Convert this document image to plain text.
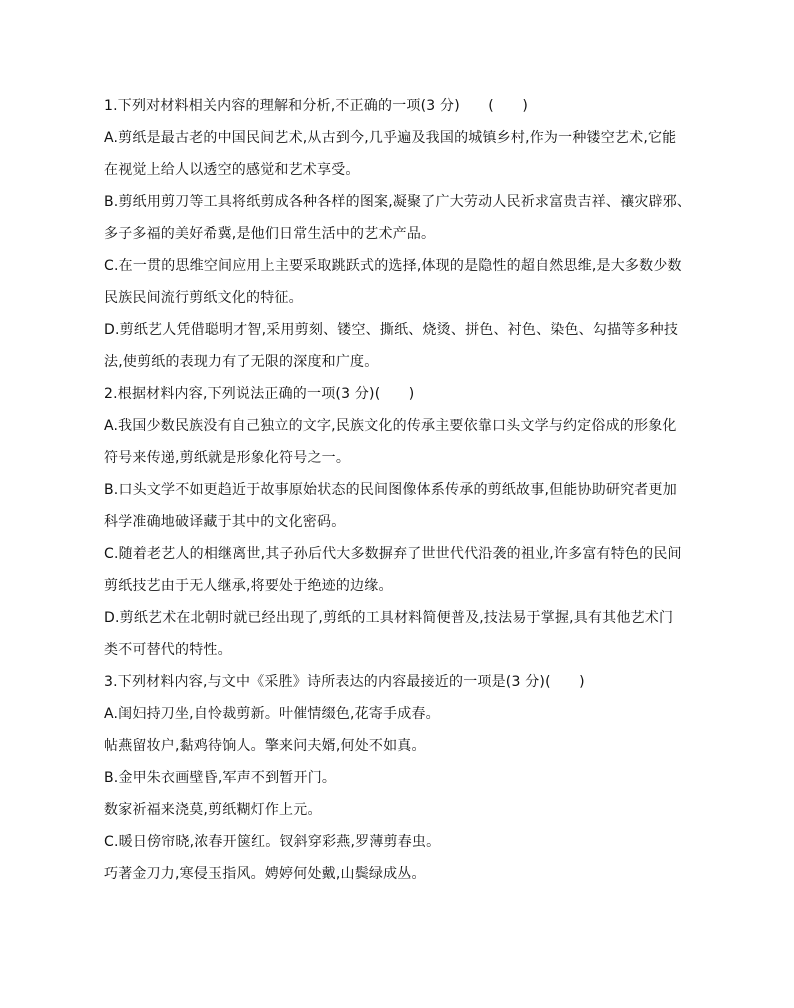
1.下列对材料相关内容的理解和分析,不正确的一项(3 分)　　(　　)
A.剪纸是最古老的中国民间艺术,从古到今,几乎遍及我国的城镇乡村,作为一种镂空艺术,它能
在视觉上给人以透空的感觉和艺术享受。
B.剪纸用剪刀等工具将纸剪成各种各样的图案,凝聚了广大劳动人民祈求富贵吉祥、禳灾辟邪、
多子多福的美好希冀,是他们日常生活中的艺术产品。
C.在一贯的思维空间应用上主要采取跳跃式的选择,体现的是隐性的超自然思维,是大多数少数
民族民间流行剪纸文化的特征。
D.剪纸艺人凭借聪明才智,采用剪刻、镂空、撕纸、烧烫、拼色、衬色、染色、勾描等多种技
法,使剪纸的表现力有了无限的深度和广度。
2.根据材料内容,下列说法正确的一项(3 分)(　　)
A.我国少数民族没有自己独立的文字,民族文化的传承主要依靠口头文学与约定俗成的形象化
符号来传递,剪纸就是形象化符号之一。
B.口头文学不如更趋近于故事原始状态的民间图像体系传承的剪纸故事,但能协助研究者更加
科学准确地破译藏于其中的文化密码。
C.随着老艺人的相继离世,其子孙后代大多数摒弃了世世代代沿袭的祖业,许多富有特色的民间
剪纸技艺由于无人继承,将要处于绝迹的边缘。
D.剪纸艺术在北朝时就已经出现了,剪纸的工具材料简便普及,技法易于掌握,具有其他艺术门
类不可替代的特性。
3.下列材料内容,与文中《采胜》诗所表达的内容最接近的一项是(3 分)(　　)
A.闺妇持刀坐,自怜裁剪新。叶催情缀色,花寄手成春。
帖燕留妆户,黏鸡待饷人。擎来问夫婿,何处不如真。
B.金甲朱衣画壁昏,军声不到暂开门。
数家祈福来浇莫,剪纸糊灯作上元。
C.暖日傍帘晓,浓春开箧红。钗斜穿彩燕,罗薄剪春虫。
巧著金刀力,寒侵玉指风。娉婷何处戴,山鬓绿成丛。
